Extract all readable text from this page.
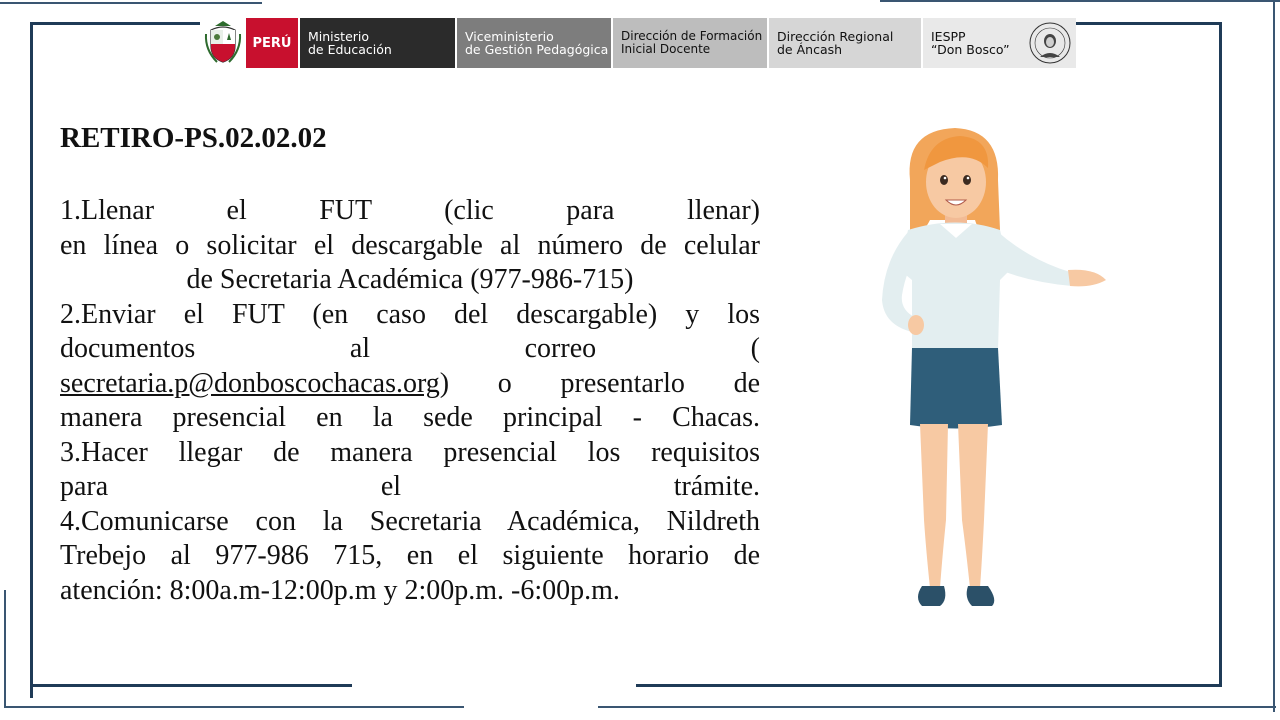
PERÚ Ministerio
de Educación
Viceministerio
de Gestión Pedagógica
Dirección de Formación
Inicial Docente
Dirección Regional
de Áncash
IESPP
“Don Bosco”
RETIRO-PS.02.02.02

1.Llenar el FUT (clic para llenar)

en línea o solicitar el descargable al número de celular

de Secretaria Académica (977-986-715)

2.Enviar el FUT (en caso del descargable) y los

documentos al correo (

secretaria.p@donboscochacas.org) o presentarlo de

manera presencial en la sede principal - Chacas.

3.Hacer llegar de manera presencial los requisitos

para el trámite.

4.Comunicarse con la Secretaria Académica, Nildreth

Trebejo al 977-986 715, en el siguiente horario de

atención: 8:00a.m-12:00p.m y 2:00p.m. -6:00p.m.
